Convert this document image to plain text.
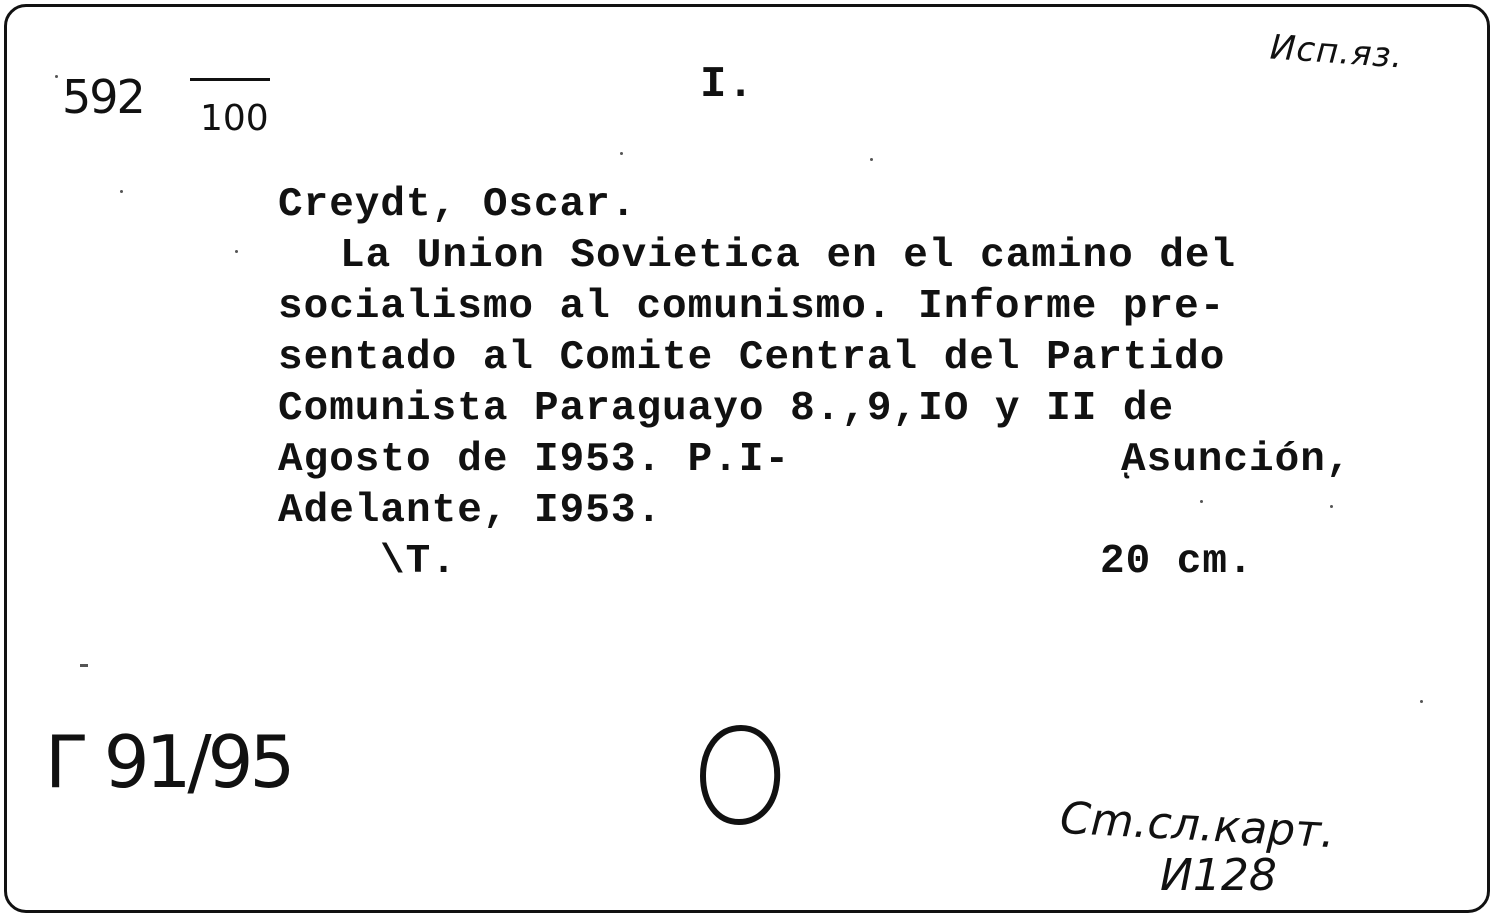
592 100
I.
Исп.яз.
Creydt, Oscar.
La Union Sovietica en el camino del
socialismo al comunismo. Informe pre-
sentado al Comite Central del Partido
Comunista Paraguayo 8.,9,IO y II de
Agosto de I953. P.I-	ͺAsunción,
Adelante, I953.
\T.	20 cm.
Г 91/95
Cm.cл.карт.
И128
